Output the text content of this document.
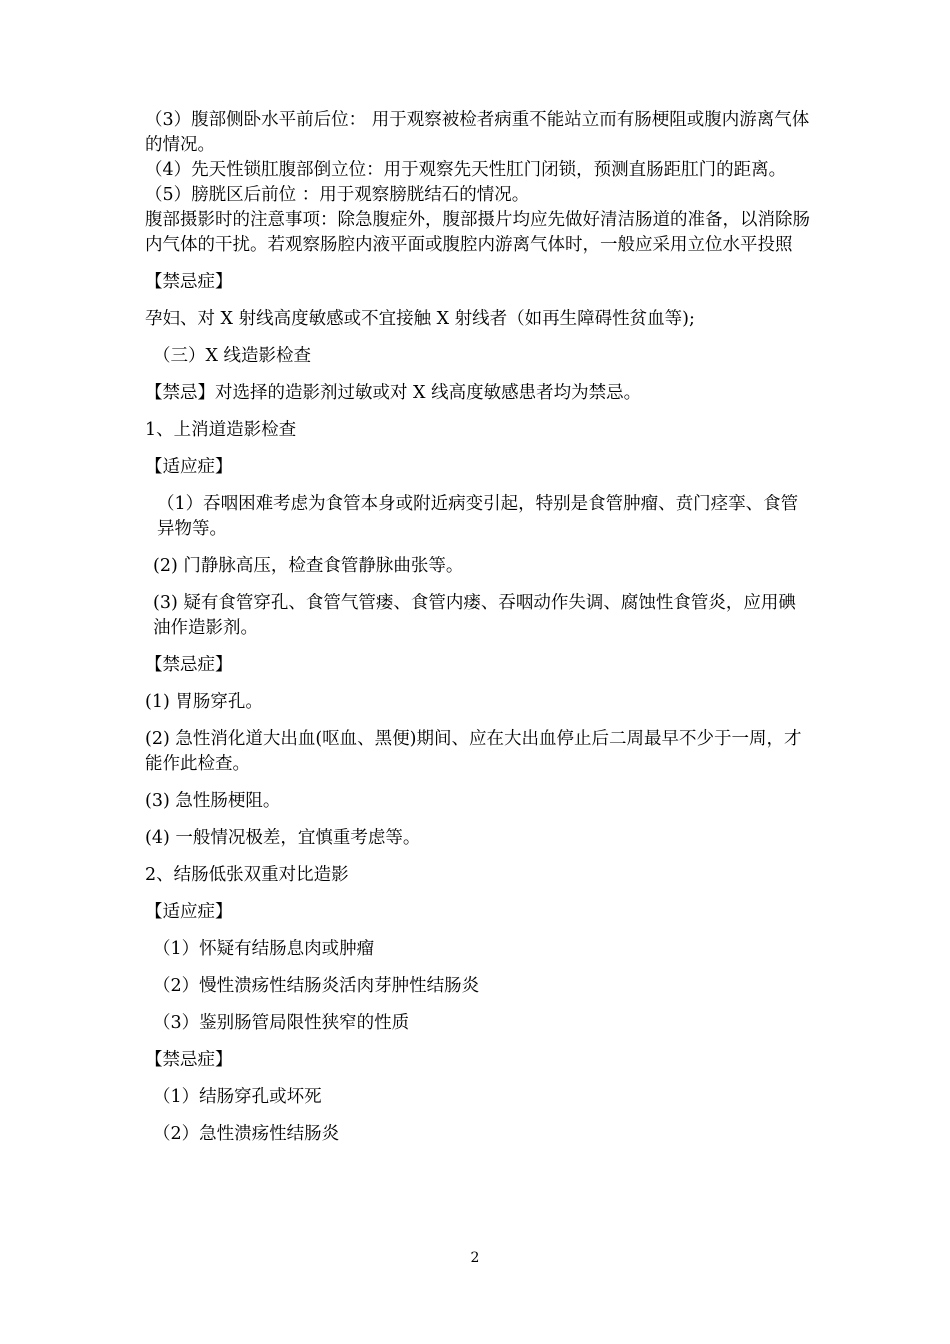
（3）腹部侧卧水平前后位： 用于观察被检者病重不能站立而有肠梗阻或腹内游离气体的情况。

（4）先天性锁肛腹部倒立位：用于观察先天性肛门闭锁，预测直肠距肛门的距离。

（5）膀胱区后前位 ：用于观察膀胱结石的情况。

腹部摄影时的注意事项：除急腹症外，腹部摄片均应先做好清洁肠道的准备，以消除肠内气体的干扰。若观察肠腔内液平面或腹腔内游离气体时，一般应采用立位水平投照

【禁忌症】

孕妇、对 X 射线高度敏感或不宜接触 X 射线者（如再生障碍性贫血等);

（三）X 线造影检查

【禁忌】对选择的造影剂过敏或对 X 线高度敏感患者均为禁忌。

1、上消道造影检查

【适应症】

（1）吞咽困难考虑为食管本身或附近病变引起，特别是食管肿瘤、贲门痉挛、食管异物等。

(2) 门静脉高压，检查食管静脉曲张等。

(3) 疑有食管穿孔、食管气管瘘、食管内瘘、吞咽动作失调、腐蚀性食管炎，应用碘油作造影剂。

【禁忌症】

(1) 胃肠穿孔。

(2) 急性消化道大出血(呕血、黑便)期间、应在大出血停止后二周最早不少于一周，才能作此检查。

(3) 急性肠梗阻。

(4) 一般情况极差，宜慎重考虑等。

2、结肠低张双重对比造影

【适应症】

（1）怀疑有结肠息肉或肿瘤

（2）慢性溃疡性结肠炎活肉芽肿性结肠炎

（3）鉴别肠管局限性狭窄的性质

【禁忌症】

（1）结肠穿孔或坏死

（2）急性溃疡性结肠炎

2
